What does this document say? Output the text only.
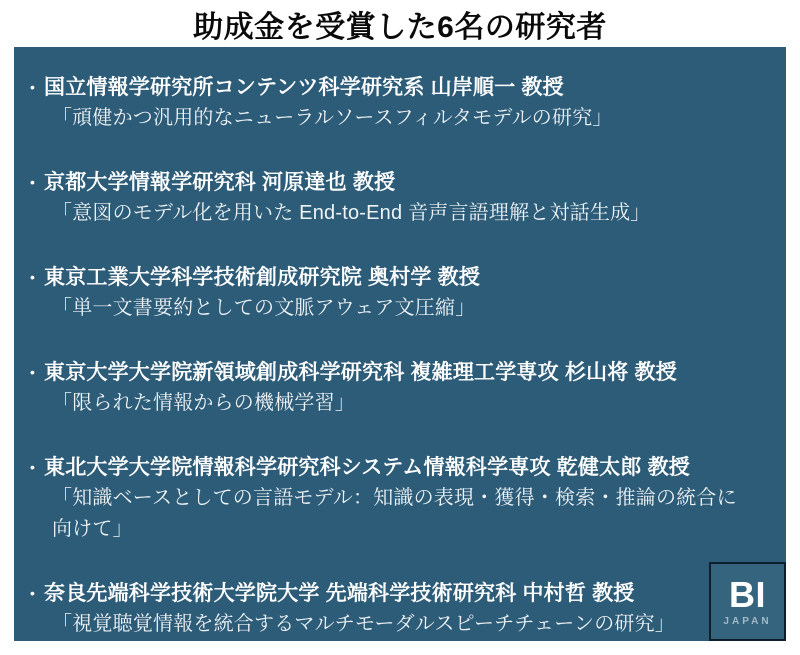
助成金を受賞した6名の研究者
• 国立情報学研究所コンテンツ科学研究系 山岸順一 教授
「頑健かつ汎用的なニューラルソースフィルタモデルの研究」
• 京都大学情報学研究科 河原達也 教授
「意図のモデル化を用いた End-to-End 音声言語理解と対話生成」
• 東京工業大学科学技術創成研究院 奥村学 教授
「単一文書要約としての文脈アウェア文圧縮」
• 東京大学大学院新領域創成科学研究科 複雑理工学専攻 杉山将 教授
「限られた情報からの機械学習」
• 東北大学大学院情報科学研究科システム情報科学専攻 乾健太郎 教授
「知識ベースとしての言語モデル：知識の表現・獲得・検索・推論の統合に向けて」
• 奈良先端科学技術大学院大学 先端科学技術研究科 中村哲 教授
「視覚聴覚情報を統合するマルチモーダルスピーチチェーンの研究」
BI
JAPAN
